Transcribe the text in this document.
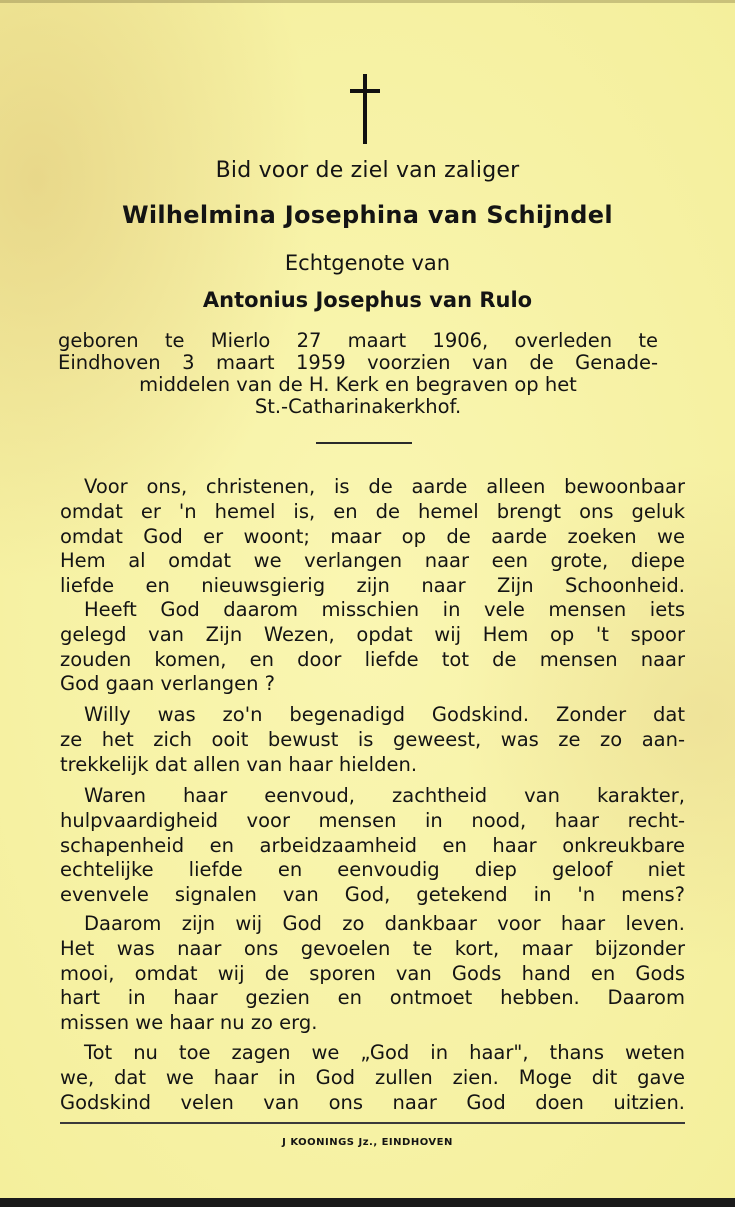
Bid voor de ziel van zaliger
Wilhelmina Josephina van Schijndel
Echtgenote van
Antonius Josephus van Rulo
geboren te Mierlo 27 maart 1906, overleden te
Eindhoven 3 maart 1959 voorzien van de Genade-
middelen van de H. Kerk en begraven op het
St.-Catharinakerkhof.
Voor ons, christenen, is de aarde alleen bewoonbaar
omdat er 'n hemel is, en de hemel brengt ons geluk
omdat God er woont; maar op de aarde zoeken we
Hem al omdat we verlangen naar een grote, diepe
liefde en nieuwsgierig zijn naar Zijn Schoonheid.
Heeft God daarom misschien in vele mensen iets
gelegd van Zijn Wezen, opdat wij Hem op 't spoor
zouden komen, en door liefde tot de mensen naar
God gaan verlangen ?
Willy was zo'n begenadigd Godskind. Zonder dat
ze het zich ooit bewust is geweest, was ze zo aan-
trekkelijk dat allen van haar hielden.
Waren haar eenvoud, zachtheid van karakter,
hulpvaardigheid voor mensen in nood, haar recht-
schapenheid en arbeidzaamheid en haar onkreukbare
echtelijke liefde en eenvoudig diep geloof niet
evenvele signalen van God, getekend in 'n mens?
Daarom zijn wij God zo dankbaar voor haar leven.
Het was naar ons gevoelen te kort, maar bijzonder
mooi, omdat wij de sporen van Gods hand en Gods
hart in haar gezien en ontmoet hebben. Daarom
missen we haar nu zo erg.
Tot nu toe zagen we „God in haar", thans weten
we, dat we haar in God zullen zien. Moge dit gave
Godskind velen van ons naar God doen uitzien.
J KOONINGS Jz., EINDHOVEN
